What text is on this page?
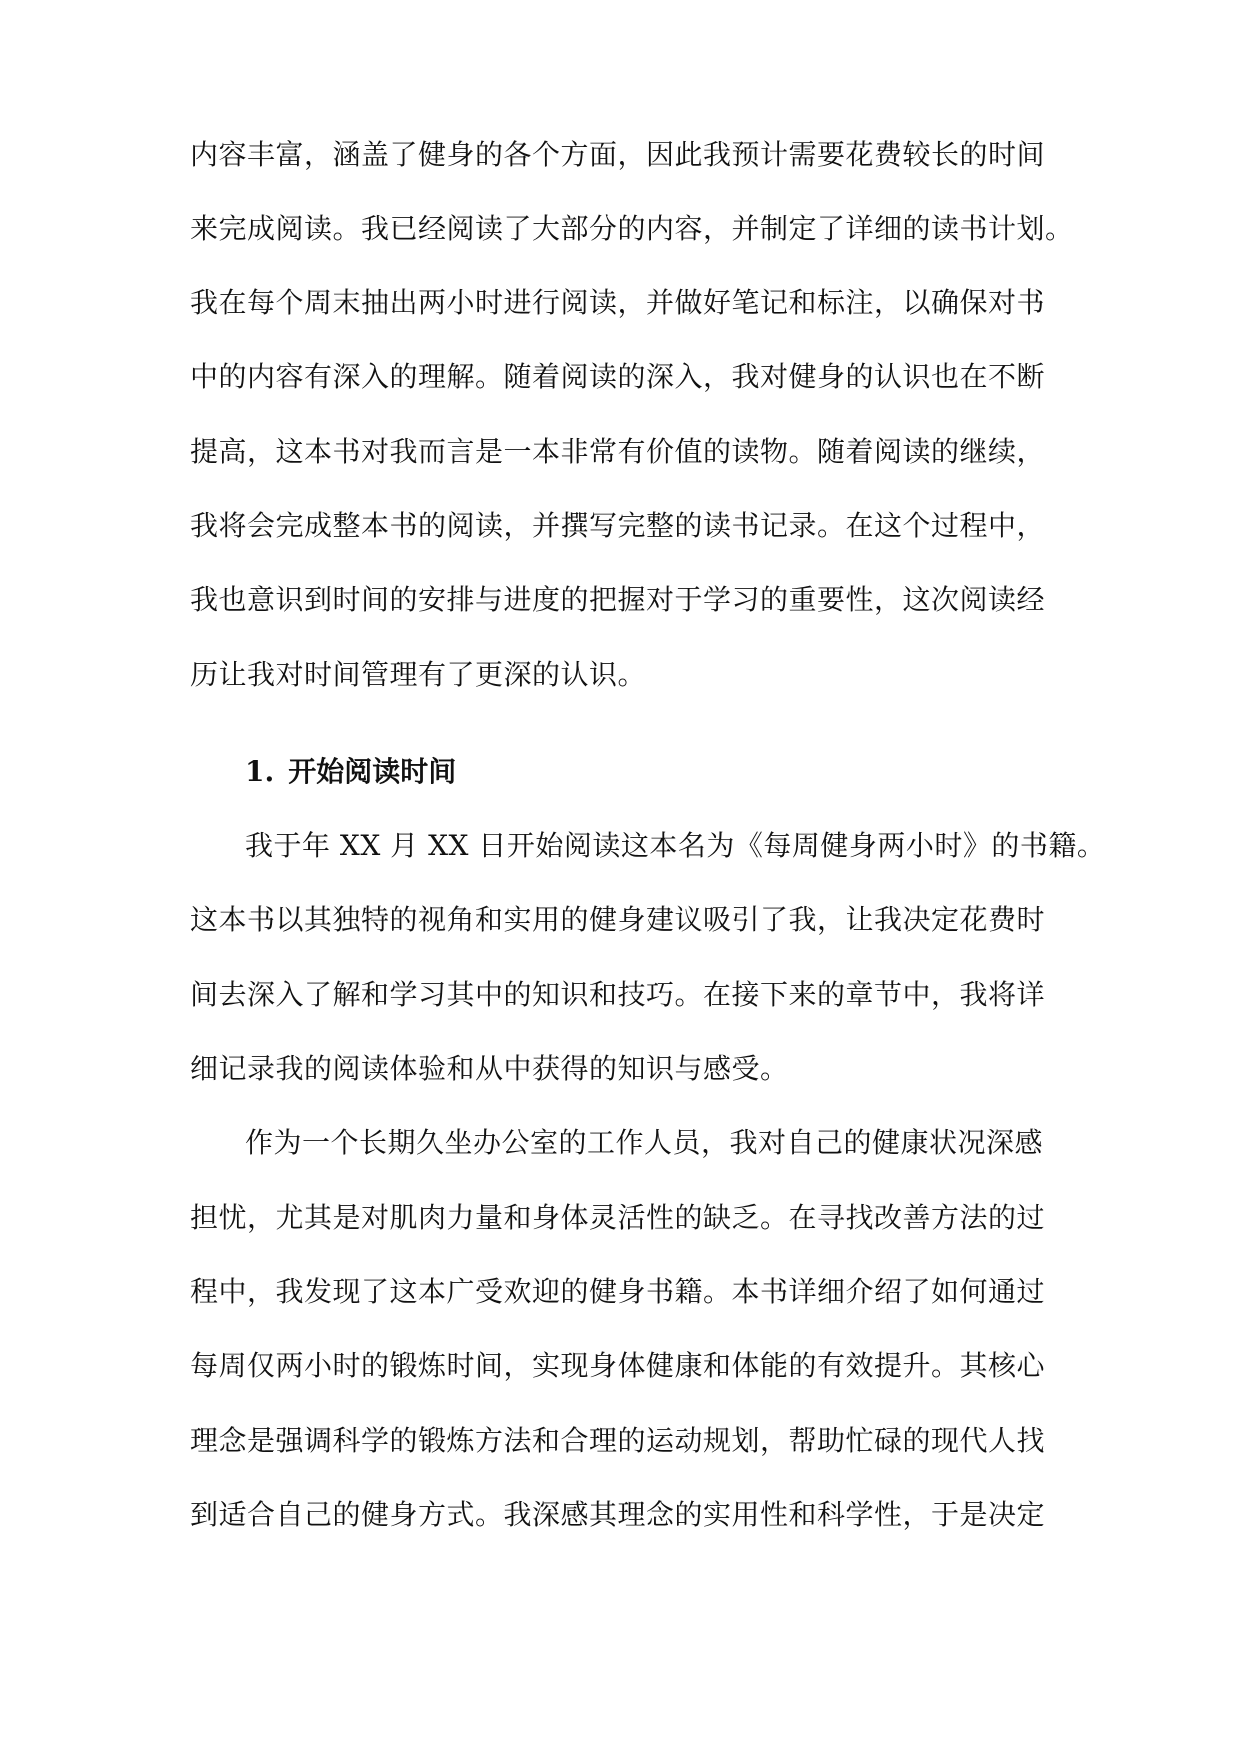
内容丰富，涵盖了健身的各个方面，因此我预计需要花费较长的时间
来完成阅读。我已经阅读了大部分的内容，并制定了详细的读书计划。
我在每个周末抽出两小时进行阅读，并做好笔记和标注，以确保对书
中的内容有深入的理解。随着阅读的深入，我对健身的认识也在不断
提高，这本书对我而言是一本非常有价值的读物。随着阅读的继续，
我将会完成整本书的阅读，并撰写完整的读书记录。在这个过程中，
我也意识到时间的安排与进度的把握对于学习的重要性，这次阅读经
历让我对时间管理有了更深的认识。
1. 开始阅读时间
我于年 XX 月 XX 日开始阅读这本名为《每周健身两小时》的书籍。
这本书以其独特的视角和实用的健身建议吸引了我，让我决定花费时
间去深入了解和学习其中的知识和技巧。在接下来的章节中，我将详
细记录我的阅读体验和从中获得的知识与感受。
作为一个长期久坐办公室的工作人员，我对自己的健康状况深感
担忧，尤其是对肌肉力量和身体灵活性的缺乏。在寻找改善方法的过
程中，我发现了这本广受欢迎的健身书籍。本书详细介绍了如何通过
每周仅两小时的锻炼时间，实现身体健康和体能的有效提升。其核心
理念是强调科学的锻炼方法和合理的运动规划，帮助忙碌的现代人找
到适合自己的健身方式。我深感其理念的实用性和科学性，于是决定
